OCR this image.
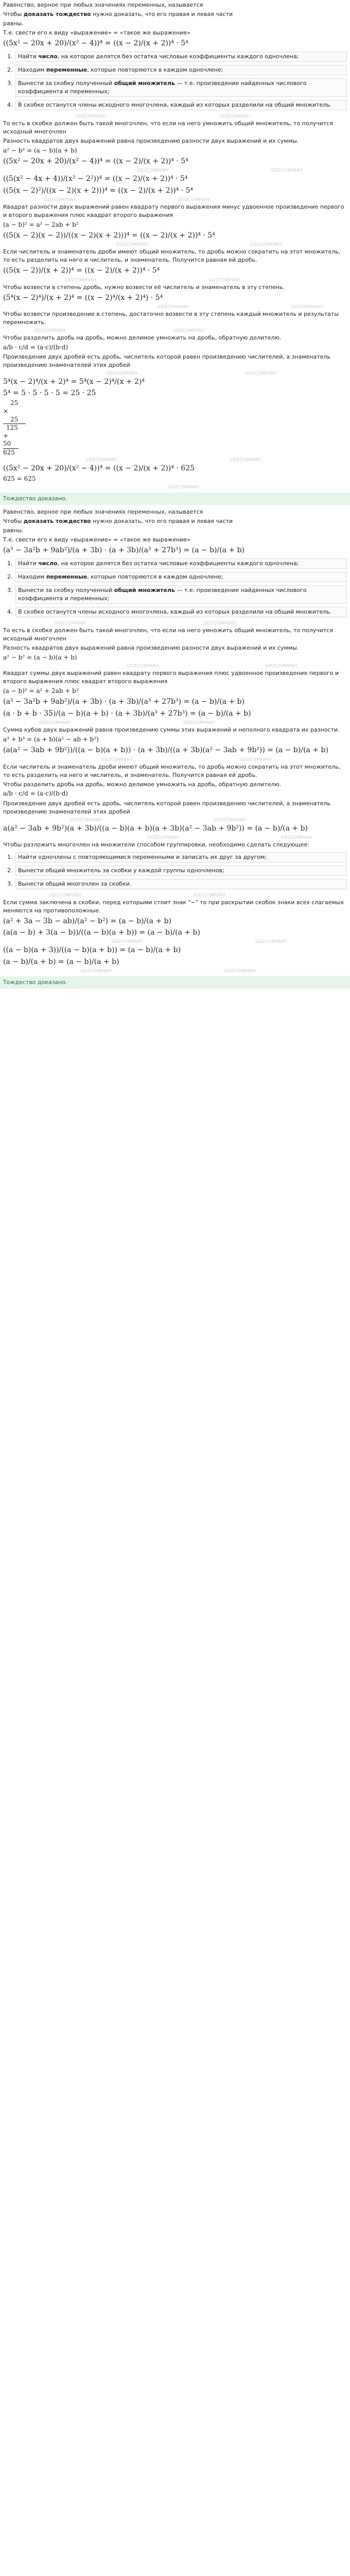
Равенство, верное при любых значениях переменных, называется

Чтобы доказать тождество нужно доказать, что его правая и левая части

равны.

Т.е. свести его к виду «выражение» = «такое же выражение»

((5x² − 20x + 20)/(x² − 4))⁴ = ((x − 2)/(x + 2))⁴ · 5⁴
1. Найти число, на которое делятся без остатка числовые коэффициенты каждого одночлена;
2. Находим переменные, которые повторяются в каждом одночлене;
3. Вынести за скобку полученный общий множитель — т.е. произведение найденных числового коэффициента и переменных;
4. В скобке останутся члены исходного многочлена, каждый из которых разделили на общий множитель.
GDZCOMPANY	GDZCOMPANY

То есть в скобке должен быть такой многочлен, что если на него умножить общий множитель, то получится исходный многочлен

Разность квадратов двух выражений равна произведению разности двух выражений и их суммы.

a² − b² = (a − b)(a + b)
((5x² − 20x + 20)/(x² − 4))⁴ = ((x − 2)/(x + 2))⁴ · 5⁴
GDZCOMPANY	GDZCOMPANY
((5(x² − 4x + 4))/(x² − 2²))⁴ = ((x − 2)/(x + 2))⁴ · 5⁴
((5(x − 2)²)/((x − 2)(x + 2)))⁴ = ((x − 2)/(x + 2))⁴ · 5⁴
GDZCOMPANY	GDZCOMPANY

Квадрат разности двух выражений равен квадрату первого выражения минус удвоенное произведение первого и второго выражения плюс квадрат второго выражения

(a − b)² = a² − 2ab + b²
((5(x − 2)(x − 2))/((x − 2)(x + 2)))⁴ = ((x − 2)/(x + 2))⁴ · 5⁴
GDZCOMPANY	GDZCOMPANY

Если числитель и знаменатель дроби имеют общий множитель, то дробь можно сократить на этот множитель, то есть разделить на него и числитель, и знаменатель. Получится равная ей дробь.

((5(x − 2))/(x + 2))⁴ = ((x − 2)/(x + 2))⁴ · 5⁴
GDZCOMPANY	GDZCOMPANY

Чтобы возвести в степень дробь, нужно возвести её числитель и знаменатель в эту степень.

(5⁴(x − 2)⁴)/(x + 2)⁴ = ((x − 2)⁴/(x + 2)⁴) · 5⁴
GDZCOMPANY	GDZCOMPANY

Чтобы возвести произведение в степень, достаточно возвести в эту степень каждый множитель и результаты перемножить.

GDZCOMPANY	GDZCOMPANY

Чтобы разделить дробь на дробь, можно делимое умножить на дробь, обратную делителю.

a/b · c/d = (a·c)/(b·d)

Произведение двух дробей есть дробь, числитель которой равен произведению числителей, а знаменатель произведению знаменателей этих дробей

GDZCOMPANY	GDZCOMPANY
5⁴(x − 2)⁴/(x + 2)⁴ = 5⁴(x − 2)⁴/(x + 2)⁴
5⁴ = 5 · 5 · 5 · 5 = 25 · 25
25
×
25
125
+
50
625
GDZCOMPANY	GDZCOMPANY
((5x² − 20x + 20)/(x² − 4))⁴ = ((x − 2)/(x + 2))⁴ · 625
625 = 625
GDZCOMPANY
Тождество доказано.

Равенство, верное при любых значениях переменных, называется

Чтобы доказать тождество нужно доказать, что его правая и левая части

равны.

Т.е. свести его к виду «выражение» = «такое же выражение»

(a³ − 3a²b + 9ab²)/(a + 3b) · (a + 3b)/(a³ + 27b³) = (a − b)/(a + b)
1. Найти число, на которое делятся без остатка числовые коэффициенты каждого одночлена;
2. Находим переменные, которые повторяются в каждом одночлене;
3. Вынести за скобку полученный общий множитель — т.е. произведение найденных числового коэффициента и переменных;
4. В скобке останутся члены исходного многочлена, каждый из которых разделили на общий множитель.
GDZCOMPANY	GDZCOMPANY

То есть в скобке должен быть такой многочлен, что если на него умножить общий множитель, то получится исходный многочлен

Разность квадратов двух выражений равна произведению разности двух выражений и их суммы.

a² − b² = (a − b)(a + b)
GDZCOMPANY	GDZCOMPANY

Квадрат суммы двух выражений равен квадрату первого выражения плюс удвоенное произведение первого и второго выражения плюс квадрат второго выражения

(a − b)² = a² + 2ab + b²
(a³ − 3a²b + 9ab²)/(a + 3b) · (a + 3b)/(a³ + 27b³) = (a − b)/(a + b)
(a · b + b · 35)/(a − b)(a + b) · (a + 3b)/(a³ + 27b³) = (a − b)/(a + b)
GDZCOMPANY	GDZCOMPANY

Сумма кубов двух выражений равна произведению суммы этих выражений и неполного квадрата их разности.

a³ + b³ = (a + b)(a² − ab + b²)
(a(a² − 3ab + 9b²))/((a − b)(a + b)) · (a + 3b)/((a + 3b)(a² − 3ab + 9b²)) = (a − b)/(a + b)
GDZCOMPANY	GDZCOMPANY

Если числитель и знаменатель дроби имеют общий множитель, то дробь можно сократить на этот множитель, то есть разделить на него и числитель, и знаменатель. Получится равная ей дробь.

Чтобы разделить дробь на дробь, можно делимое умножить на дробь, обратную делителю.

a/b · c/d = (a·c)/(b·d)

Произведение двух дробей есть дробь, числитель которой равен произведению числителей, а знаменатель произведению знаменателей этих дробей

GDZCOMPANY	GDZCOMPANY
a(a² − 3ab + 9b²)(a + 3b)/((a − b)(a + b)(a + 3b)(a² − 3ab + 9b²)) = (a − b)/(a + b)
GDZCOMPANY	GDZCOMPANY

Чтобы разложить многочлен на множители способом группировки, необходимо сделать следующее:

1. Найти одночлены с повторяющимися переменными и записать их друг за другом;
2. Вынести общий множитель за скобки у каждой группы одночленов;
3. Вынести общий многочлен за скобки.
GDZCOMPANY	GDZCOMPANY

Если сумма заключена в скобки, перед которыми стоит знак "−" то при раскрытии скобок знаки всех слагаемых меняются на противоположные.

(a² + 3a − 3b − ab)/(a² − b²) = (a − b)/(a + b)
(a(a − b) + 3(a − b))/((a − b)(a + b)) = (a − b)/(a + b)
GDZCOMPANY	GDZCOMPANY
((a − b)(a + 3))/((a − b)(a + b)) = (a − b)/(a + b)
(a − b)/(a + b) = (a − b)/(a + b)
GDZCOMPANY	GDZCOMPANY
Тождество доказано.
